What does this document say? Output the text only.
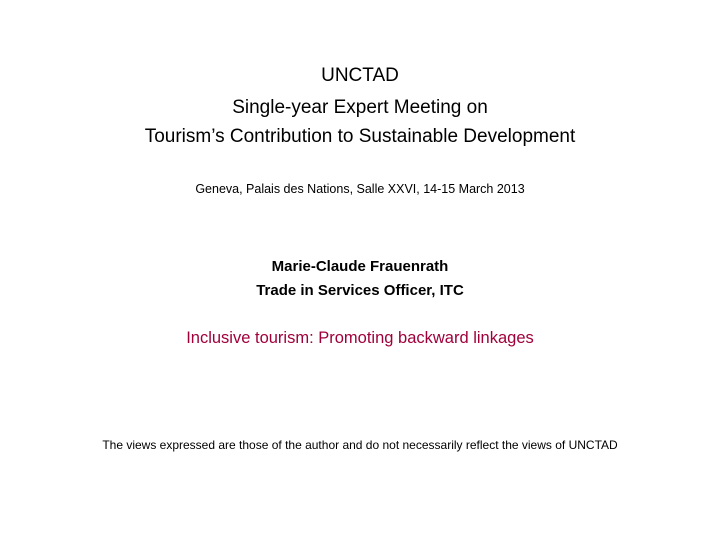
UNCTAD
Single-year Expert Meeting on
Tourism’s Contribution to Sustainable Development
Geneva, Palais des Nations, Salle XXVI, 14-15 March 2013
Marie-Claude Frauenrath
Trade in Services Officer, ITC
Inclusive tourism: Promoting backward linkages
The views expressed are those of the author and do not necessarily reflect the views of UNCTAD
